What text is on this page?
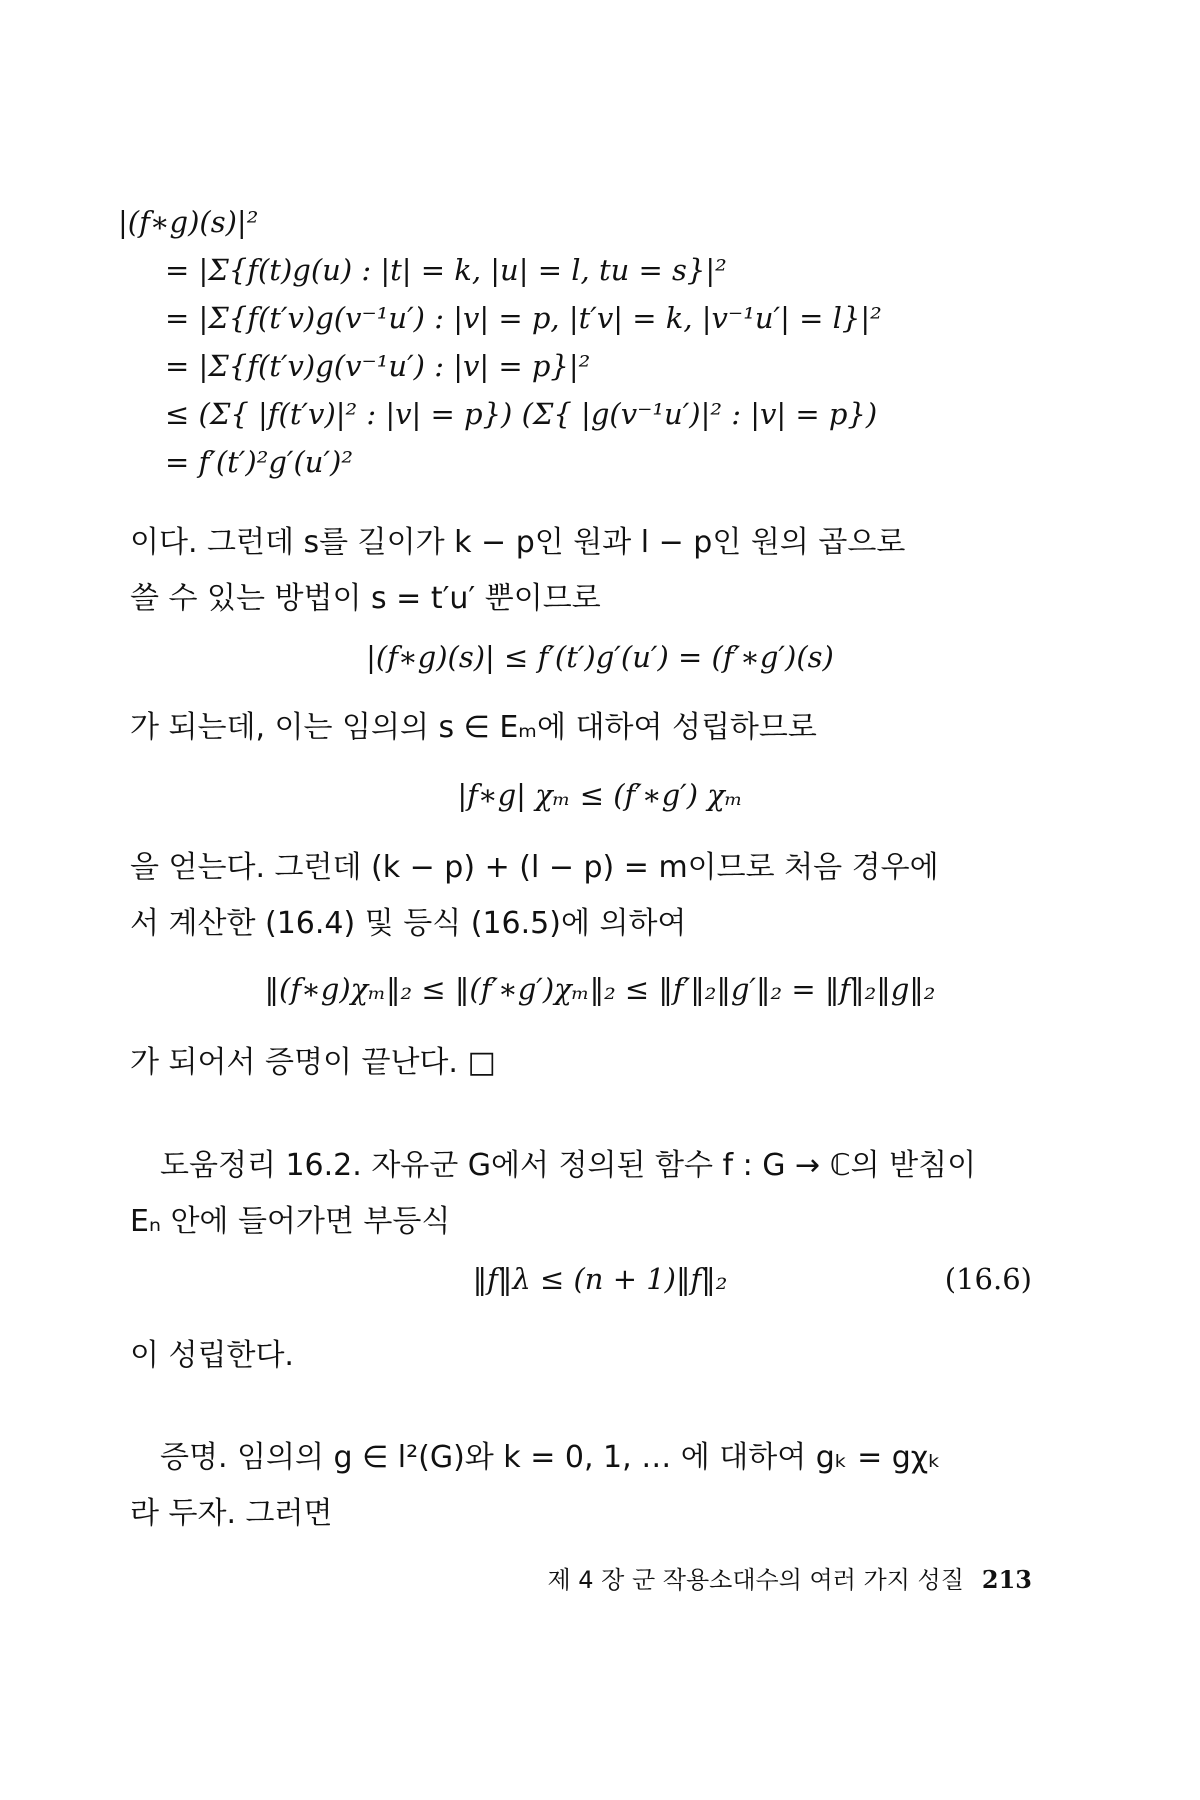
|(f∗g)(s)|²
= |Σ{f(t)g(u) : |t| = k, |u| = l, tu = s}|²
= |Σ{f(t′v)g(v⁻¹u′) : |v| = p, |t′v| = k, |v⁻¹u′| = l}|²
= |Σ{f(t′v)g(v⁻¹u′) : |v| = p}|²
≤ (Σ{ |f(t′v)|² : |v| = p}) (Σ{ |g(v⁻¹u′)|² : |v| = p})
= f′(t′)²g′(u′)²
이다. 그런데 s를 길이가 k − p인 원과 l − p인 원의 곱으로
쓸 수 있는 방법이 s = t′u′ 뿐이므로
|(f∗g)(s)| ≤ f′(t′)g′(u′) = (f′∗g′)(s)
가 되는데, 이는 임의의 s ∈ Eₘ에 대하여 성립하므로
|f∗g| χₘ ≤ (f′∗g′) χₘ
을 얻는다. 그런데 (k − p) + (l − p) = m이므로 처음 경우에
서 계산한 (16.4) 및 등식 (16.5)에 의하여
‖(f∗g)χₘ‖₂ ≤ ‖(f′∗g′)χₘ‖₂ ≤ ‖f′‖₂‖g′‖₂ = ‖f‖₂‖g‖₂
가 되어서 증명이 끝난다. □
도움정리 16.2. 자유군 G에서 정의된 함수 f : G → ℂ의 받침이
Eₙ 안에 들어가면 부등식
‖f‖λ ≤ (n + 1)‖f‖₂	(16.6)
이 성립한다.
증명. 임의의 g ∈ l²(G)와 k = 0, 1, … 에 대하여 gₖ = gχₖ
라 두자. 그러면
제 4 장 군 작용소대수의 여러 가지 성질 213
